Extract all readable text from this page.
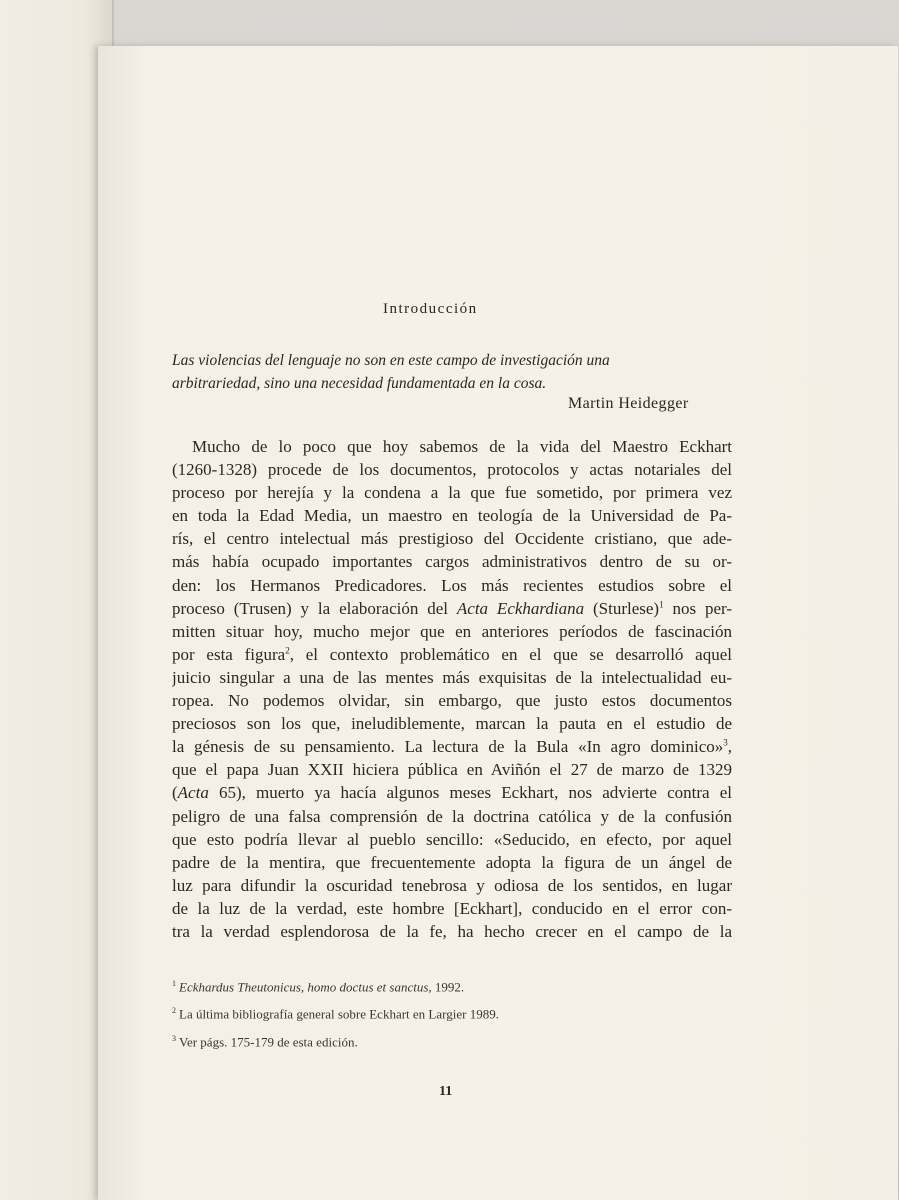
Introducción
Las violencias del lenguaje no son en este campo de investigación una
arbitrariedad, sino una necesidad fundamentada en la cosa.
Martin Heidegger
Mucho de lo poco que hoy sabemos de la vida del Maestro Eckhart
(1260-1328) procede de los documentos, protocolos y actas notariales del
proceso por herejía y la condena a la que fue sometido, por primera vez
en toda la Edad Media, un maestro en teología de la Universidad de Pa-
rís, el centro intelectual más prestigioso del Occidente cristiano, que ade-
más había ocupado importantes cargos administrativos dentro de su or-
den: los Hermanos Predicadores. Los más recientes estudios sobre el
proceso (Trusen) y la elaboración del Acta Eckhardiana (Sturlese)$^1$ nos per-
mitten situar hoy, mucho mejor que en anteriores períodos de fascinación
por esta figura$^2$, el contexto problemático en el que se desarrolló aquel
juicio singular a una de las mentes más exquisitas de la intelectualidad eu-
ropea. No podemos olvidar, sin embargo, que justo estos documentos
preciosos son los que, ineludiblemente, marcan la pauta en el estudio de
la génesis de su pensamiento. La lectura de la Bula «In agro dominico»$^3$,
que el papa Juan XXII hiciera pública en Aviñón el 27 de marzo de 1329
(Acta 65), muerto ya hacía algunos meses Eckhart, nos advierte contra el
peligro de una falsa comprensión de la doctrina católica y de la confusión
que esto podría llevar al pueblo sencillo: «Seducido, en efecto, por aquel
padre de la mentira, que frecuentemente adopta la figura de un ángel de
luz para difundir la oscuridad tenebrosa y odiosa de los sentidos, en lugar
de la luz de la verdad, este hombre [Eckhart], conducido en el error con-
tra la verdad esplendorosa de la fe, ha hecho crecer en el campo de la
$^1$ Eckhardus Theutonicus, homo doctus et sanctus, 1992.
$^2$ La última bibliografía general sobre Eckhart en Largier 1989.
$^3$ Ver págs. 175-179 de esta edición.
11
